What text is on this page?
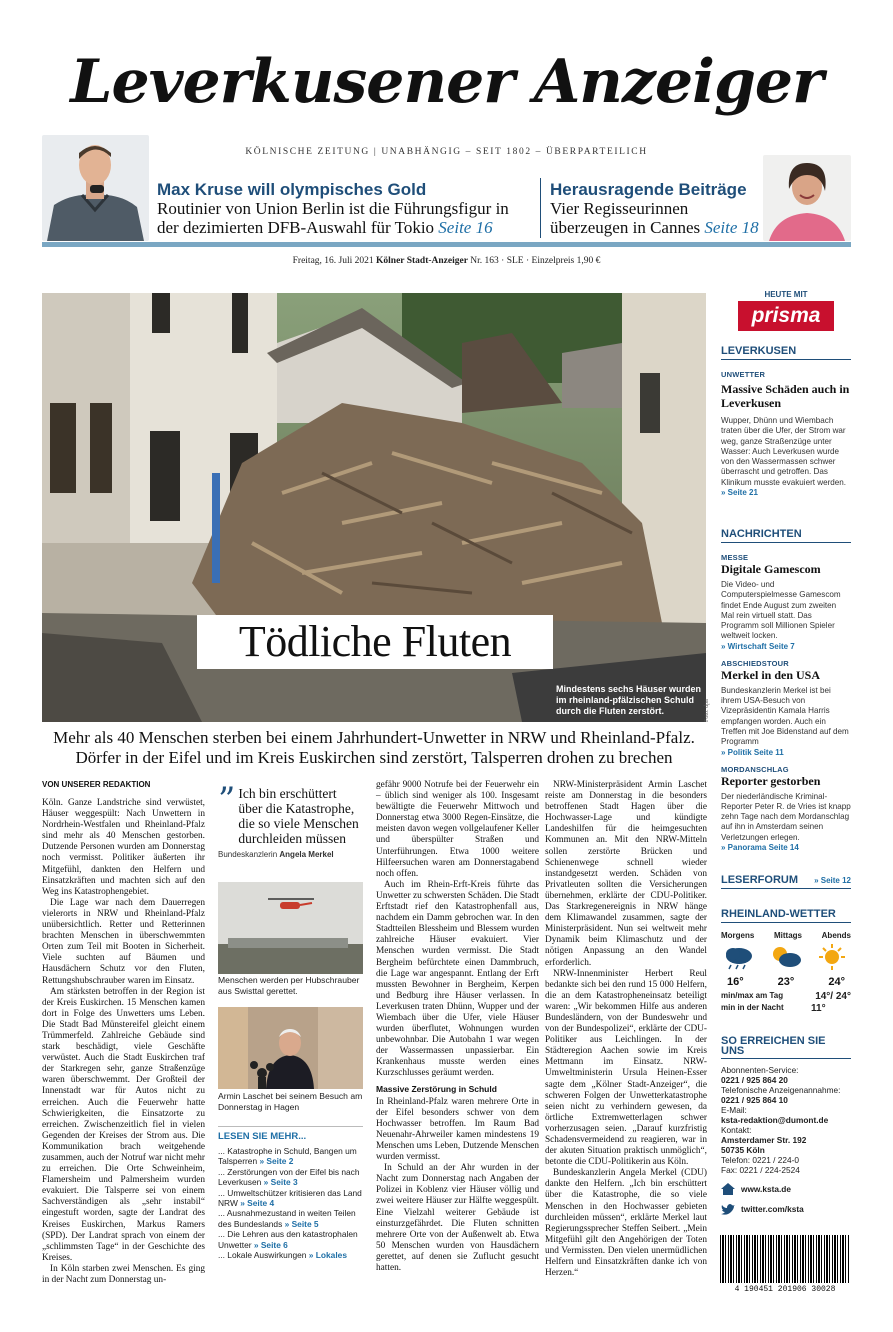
Leverkusener Anzeiger
KÖLNISCHE ZEITUNG | UNABHÄNGIG – SEIT 1802 – ÜBERPARTEILICH
Max Kruse will olympisches Gold
Routinier von Union Berlin ist die Führungsfigur in der dezimierten DFB-Auswahl für Tokio Seite 16
Herausragende Beiträge
Vier Regisseurinnen überzeugen in Cannes Seite 18
Freitag, 16. Juli 2021 Kölner Stadt-Anzeiger Nr. 163 · SLE · Einzelpreis 1,90 €
Tödliche Fluten
Mindestens sechs Häuser wurden im rheinland-pfälzischen Schuld durch die Fluten zerstört.	Foto: dpa
Mehr als 40 Menschen sterben bei einem Jahrhundert-Unwetter in NRW und Rheinland-Pfalz. Dörfer in der Eifel und im Kreis Euskirchen sind zerstört, Talsperren drohen zu brechen
VON UNSERER REDAKTION

Köln. Ganze Landstriche sind verwüstet, Häuser weggespült: Nach Unwettern in Nordrhein-Westfalen und Rheinland-Pfalz sind mehr als 40 Menschen gestorben. Dutzende Personen wurden am Donnerstag noch vermisst. Politiker äußerten ihr Mitgefühl, dankten den Helfern und Einsatzkräften und machten sich auf den Weg ins Katastrophengebiet.

Die Lage war nach dem Dauerregen vielerorts in NRW und Rheinland-Pfalz unübersichtlich. Retter und Retterinnen brachten Menschen in überschwemmten Orten zum Teil mit Booten in Sicherheit. Viele suchten auf Bäumen und Hausdächern Schutz vor den Fluten, Rettungshubschrauber waren im Einsatz.

Am stärksten betroffen in der Region ist der Kreis Euskirchen. 15 Menschen kamen dort in Folge des Unwetters ums Leben. Die Stadt Bad Münstereifel gleicht einem Trümmerfeld. Zahlreiche Gebäude sind stark beschädigt, viele Geschäfte verwüstet. Auch die Stadt Euskirchen traf der Starkregen sehr, ganze Straßenzüge waren überschwemmt. Der Großteil der Innenstadt war für Autos nicht zu erreichen. Auch die Feuerwehr hatte Schwierigkeiten, die Einsatzorte zu erreichen. Zwischenzeitlich fiel in vielen Gegenden der Kreises der Strom aus. Die Kommunikation brach weitgehende zusammen, auch der Notruf war nicht mehr zu erreichen. Die Orte Schweinheim, Flamersheim und Palmersheim wurden evakuiert. Die Talsperre sei von einem Sachverständigen als „sehr instabil“ eingestuft worden, sagte der Landrat des Kreises Euskirchen, Markus Ramers (SPD). Der Landrat sprach von einem der „schlimmsten Tage“ in der Geschichte des Kreises.

In Köln starben zwei Menschen. Es ging in der Nacht zum Donnerstag un-

” Ich bin erschüttert über die Katastrophe, die so viele Menschen durchleiden müssen
Bundeskanzlerin Angela Merkel
Menschen werden per Hubschrauber aus Swisttal gerettet.
Armin Laschet bei seinem Besuch am Donnerstag in Hagen
LESEN SIE MEHR...
... Katastrophe in Schuld, Bangen um Talsperren » Seite 2
... Zerstörungen von der Eifel bis nach Leverkusen » Seite 3
... Umweltschützer kritisieren das Land NRW » Seite 4
... Ausnahmezustand in weiten Teilen des Bundeslands » Seite 5
... Die Lehren aus den katastrophalen Unwetter » Seite 6
... Lokale Auswirkungen » Lokales

gefähr 9000 Notrufe bei der Feuerwehr ein – üblich sind weniger als 100. Insgesamt bewältigte die Feuerwehr Mittwoch und Donnerstag etwa 3000 Regen-Einsätze, die meisten davon wegen vollgelaufener Keller und überspülter Straßen und Unterführungen. Etwa 1000 weitere Hilfeersuchen waren am Donnerstagabend noch offen.

Auch im Rhein-Erft-Kreis führte das Unwetter zu schwersten Schäden. Die Stadt Erftstadt rief den Katastrophenfall aus, nachdem ein Damm gebrochen war. In den Stadtteilen Blessheim und Blessem wurden zahlreiche Häuser evakuiert. Vier Menschen wurden vermisst. Die Stadt Bergheim befürchtete einen Dammbruch, die Lage war angespannt. Entlang der Erft mussten Bewohner in Bergheim, Kerpen und Bedburg ihre Häuser verlassen. In Leverkusen traten Dhünn, Wupper und der Wiembach über die Ufer, viele Häuser wurden überflutet, Wohnungen wurden unbewohnbar. Die Autobahn 1 war wegen der Wassermassen unpassierbar. Ein Krankenhaus musste werden eines Kurzschlusses geräumt werden.

Massive Zerstörung in Schuld

In Rheinland-Pfalz waren mehrere Orte in der Eifel besonders schwer von dem Hochwasser betroffen. Im Raum Bad Neuenahr-Ahrweiler kamen mindestens 19 Menschen ums Leben, Dutzende Menschen wurden vermisst.

In Schuld an der Ahr wurden in der Nacht zum Donnerstag nach Angaben der Polizei in Koblenz vier Häuser völlig und zwei weitere Häuser zur Hälfte weggespült. Eine Vielzahl weiterer Gebäude ist einsturzgefährdet. Die Fluten schnitten mehrere Orte von der Außenwelt ab. Etwa 50 Menschen wurden von Hausdächern gerettet, auf denen sie Zuflucht gesucht hatten.

NRW-Ministerpräsident Armin Laschet reiste am Donnerstag in die besonders betroffenen Stadt Hagen über die Hochwasser-Lage und kündigte Landeshilfen für die heimgesuchten Kommunen an. Mit den NRW-Mitteln sollen zerstörte Brücken und Schienenwege schnell wieder instandgesetzt werden. Schäden von Privatleuten sollten die Versicherungen übernehmen, erklärte der CDU-Politiker. Das Starkregenereignis in NRW hänge dem Klimawandel zusammen, sagte der Ministerpräsident. Nun sei weltweit mehr Dynamik beim Klimaschutz und der nötigen Anpassung an den Wandel erforderlich.

NRW-Innenminister Herbert Reul bedankte sich bei den rund 15 000 Helfern, die an dem Katastropheneinsatz beteiligt waren: „Wir bekommen Hilfe aus anderen Bundesländern, von der Bundeswehr und von der Bundespolizei“, erklärte der CDU-Politiker aus Leichlingen. In der Städteregion Aachen sowie im Kreis Mettmann im Einsatz. NRW-Umweltministerin Ursula Heinen-Esser sagte dem „Kölner Stadt-Anzeiger“, die schweren Folgen der Unwetterkatastrophe seien nicht zu verhindern gewesen, da örtliche Extremwetterlagen schwer vorherzusagen seien. „Darauf kurzfristig Schadensvermeidend zu reagieren, war in der akuten Situation praktisch unmöglich“, betonte die CDU-Politikerin aus Köln.

Bundeskanzlerin Angela Merkel (CDU) dankte den Helfern. „Ich bin erschüttert über die Katastrophe, die so viele Menschen in den Hochwasser gebieten durchleiden müssen“, erklärte Merkel laut Regierungssprecher Steffen Seibert. „Mein Mitgefühl gilt den Angehörigen der Toten und Vermissten. Den vielen unermüdlichen Helfern und Einsatzkräften danke ich von Herzen.“

HEUTE MIT
prisma
LEVERKUSEN
UNWETTER
Massive Schäden auch in Leverkusen
Wupper, Dhünn und Wiembach traten über die Ufer, der Strom war weg, ganze Straßenzüge unter Wasser: Auch Leverkusen wurde von den Wassermassen schwer überrascht und getroffen. Das Klinikum musste evakuiert werden. » Seite 21
NACHRICHTEN
MESSE
Digitale Gamescom
Die Video- und Computerspielmesse Gamescom findet Ende August zum zweiten Mal rein virtuell statt. Das Programm soll Millionen Spieler weltweit locken.
» Wirtschaft Seite 7
ABSCHIEDSTOUR
Merkel in den USA
Bundeskanzlerin Merkel ist bei ihrem USA-Besuch von Vizepräsidentin Kamala Harris empfangen worden. Auch ein Treffen mit Joe Bidenstand auf dem Programm
» Politik Seite 11
MORDANSCHLAG
Reporter gestorben
Der niederländische Kriminal-Reporter Peter R. de Vries ist knapp zehn Tage nach dem Mordanschlag auf ihn in Amsterdam seinen Verletzungen erlegen.
» Panorama Seite 14
LESERFORUM » Seite 12
RHEINLAND-WETTER
Morgens Mittags Abends
16°	23°	24°
min/max am Tag	14°/ 24°
min in der Nacht	11°
SO ERREICHEN SIE UNS
Abonnenten-Service:
0221 / 925 864 20
Telefonische Anzeigenannahme:
0221 / 925 864 10
E-Mail:
ksta-redaktion@dumont.de
Kontakt:
Amsterdamer Str. 192
50735 Köln
Telefon: 0221 / 224-0
Fax: 0221 / 224-2524
www.ksta.de
twitter.com/ksta
4 190451 201906 30028
